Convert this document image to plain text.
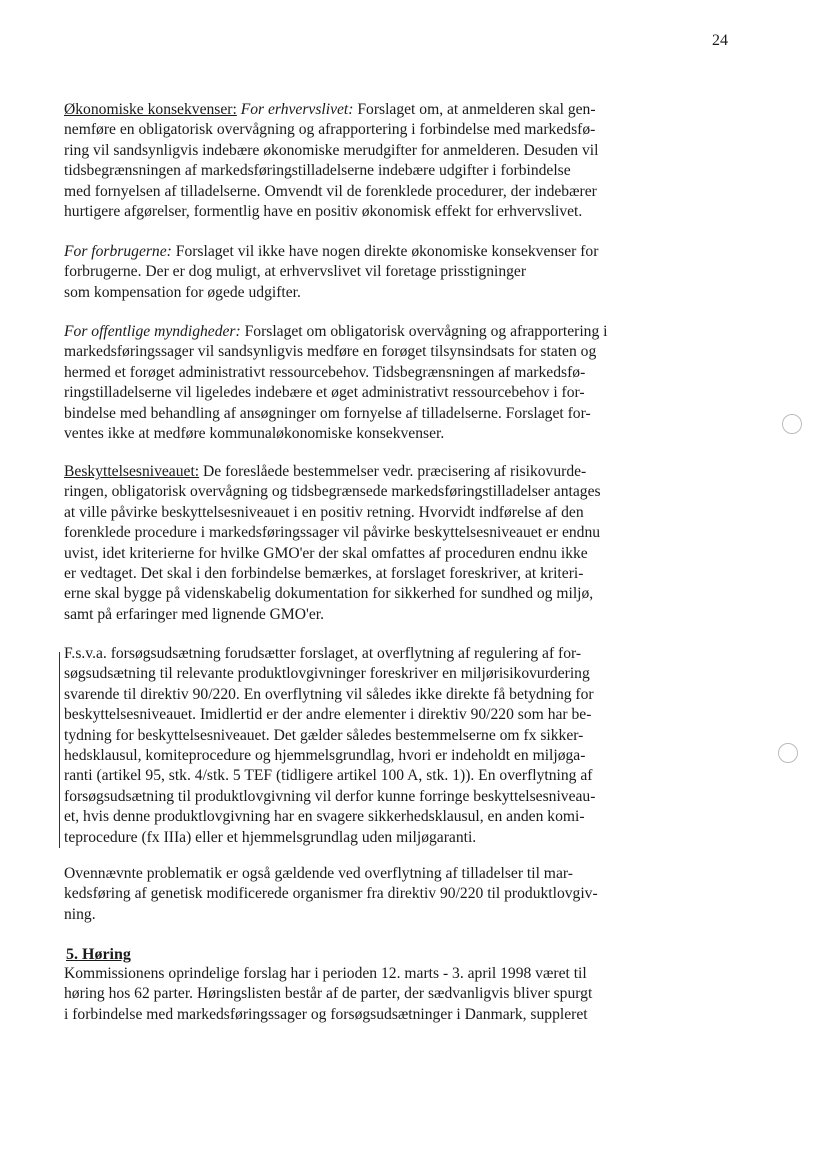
24
Økonomiske konsekvenser: For erhvervslivet: Forslaget om, at anmelderen skal gen-
nemføre en obligatorisk overvågning og afrapportering i forbindelse med markedsfø-
ring vil sandsynligvis indebære økonomiske merudgifter for anmelderen. Desuden vil
tidsbegrænsningen af markedsføringstilladelserne indebære udgifter i forbindelse
med fornyelsen af tilladelserne. Omvendt vil de forenklede procedurer, der indebærer
hurtigere afgørelser, formentlig have en positiv økonomisk effekt for erhvervslivet.
For forbrugerne: Forslaget vil ikke have nogen direkte økonomiske konsekvenser for
forbrugerne. Der er dog muligt, at erhvervslivet vil foretage prisstigninger
som kompensation for øgede udgifter.
For offentlige myndigheder: Forslaget om obligatorisk overvågning og afrapportering i
markedsføringssager vil sandsynligvis medføre en forøget tilsynsindsats for staten og
hermed et forøget administrativt ressourcebehov. Tidsbegrænsningen af markedsfø-
ringstilladelserne vil ligeledes indebære et øget administrativt ressourcebehov i for-
bindelse med behandling af ansøgninger om fornyelse af tilladelserne. Forslaget for-
ventes ikke at medføre kommunaløkonomiske konsekvenser.
Beskyttelsesniveauet: De foreslåede bestemmelser vedr. præcisering af risikovurde-
ringen, obligatorisk overvågning og tidsbegrænsede markedsføringstilladelser antages
at ville påvirke beskyttelsesniveauet i en positiv retning. Hvorvidt indførelse af den
forenklede procedure i markedsføringssager vil påvirke beskyttelsesniveauet er endnu
uvist, idet kriterierne for hvilke GMO'er der skal omfattes af proceduren endnu ikke
er vedtaget. Det skal i den forbindelse bemærkes, at forslaget foreskriver, at kriteri-
erne skal bygge på videnskabelig dokumentation for sikkerhed for sundhed og miljø,
samt på erfaringer med lignende GMO'er.
F.s.v.a. forsøgsudsætning forudsætter forslaget, at overflytning af regulering af for-
søgsudsætning til relevante produktlovgivninger foreskriver en miljørisikovurdering
svarende til direktiv 90/220. En overflytning vil således ikke direkte få betydning for
beskyttelsesniveauet. Imidlertid er der andre elementer i direktiv 90/220 som har be-
tydning for beskyttelsesniveauet. Det gælder således bestemmelserne om fx sikker-
hedsklausul, komiteprocedure og hjemmelsgrundlag, hvori er indeholdt en miljøga-
ranti (artikel 95, stk. 4/stk. 5 TEF (tidligere artikel 100 A, stk. 1)). En overflytning af
forsøgsudsætning til produktlovgivning vil derfor kunne forringe beskyttelsesniveau-
et, hvis denne produktlovgivning har en svagere sikkerhedsklausul, en anden komi-
teprocedure (fx IIIa) eller et hjemmelsgrundlag uden miljøgaranti.
Ovennævnte problematik er også gældende ved overflytning af tilladelser til mar-
kedsføring af genetisk modificerede organismer fra direktiv 90/220 til produktlovgiv-
ning.
5. Høring
Kommissionens oprindelige forslag har i perioden 12. marts - 3. april 1998 været til
høring hos 62 parter. Høringslisten består af de parter, der sædvanligvis bliver spurgt
i forbindelse med markedsføringssager og forsøgsudsætninger i Danmark, suppleret
